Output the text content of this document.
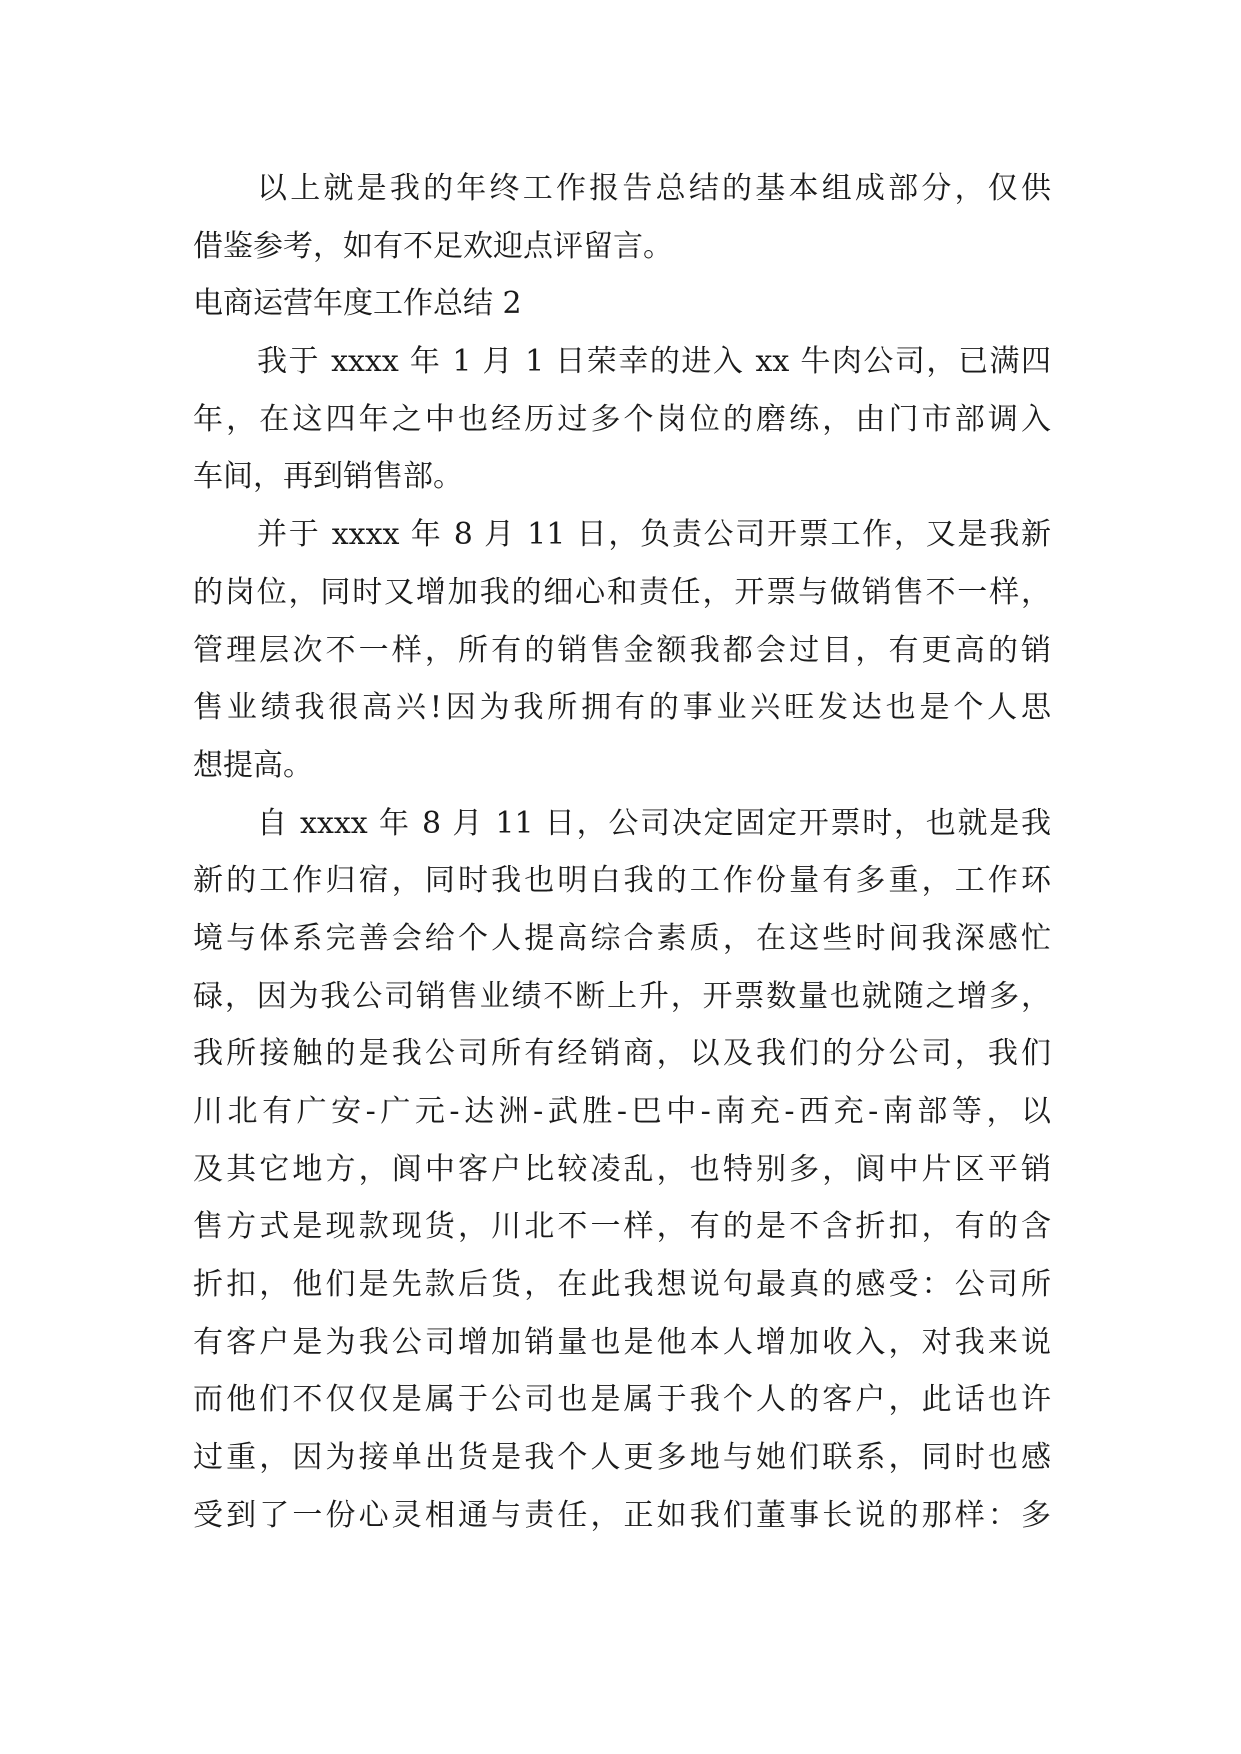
以上就是我的年终工作报告总结的基本组成部分，仅供
借鉴参考，如有不足欢迎点评留言。
电商运营年度工作总结 2
我于 xxxx 年 1 月 1 日荣幸的进入 xx 牛肉公司，已满四
年，在这四年之中也经历过多个岗位的磨练，由门市部调入
车间，再到销售部。
并于 xxxx 年 8 月 11 日，负责公司开票工作，又是我新
的岗位，同时又增加我的细心和责任，开票与做销售不一样，
管理层次不一样，所有的销售金额我都会过目，有更高的销
售业绩我很高兴!因为我所拥有的事业兴旺发达也是个人思
想提高。
自 xxxx 年 8 月 11 日，公司决定固定开票时，也就是我
新的工作归宿，同时我也明白我的工作份量有多重，工作环
境与体系完善会给个人提高综合素质，在这些时间我深感忙
碌，因为我公司销售业绩不断上升，开票数量也就随之增多，
我所接触的是我公司所有经销商，以及我们的分公司，我们
川北有广安-广元-达洲-武胜-巴中-南充-西充-南部等，以
及其它地方，阆中客户比较凌乱，也特别多，阆中片区平销
售方式是现款现货，川北不一样，有的是不含折扣，有的含
折扣，他们是先款后货，在此我想说句最真的感受：公司所
有客户是为我公司增加销量也是他本人增加收入，对我来说
而他们不仅仅是属于公司也是属于我个人的客户，此话也许
过重，因为接单出货是我个人更多地与她们联系，同时也感
受到了一份心灵相通与责任，正如我们董事长说的那样：多
